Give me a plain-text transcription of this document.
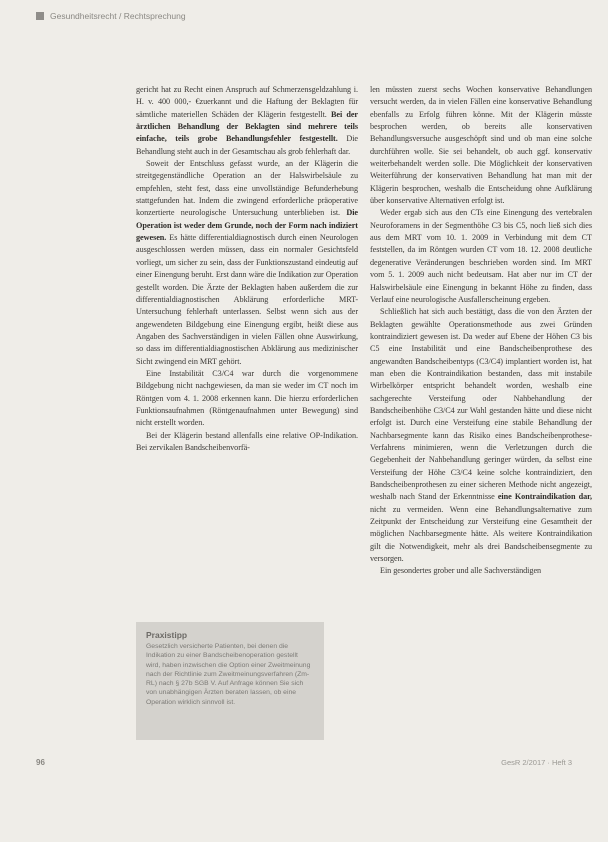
Gesundheitsrecht / Rechtsprechung

gericht hat zu Recht einen Anspruch auf Schmerzensgeldzahlung i. H. v. 400 000,- €zuerkannt und die Haftung der Beklagten für sämtliche materiellen Schäden der Klägerin festgestellt. Bei der ärztlichen Behandlung der Beklagten sind mehrere teils einfache, teils grobe Behandlungsfehler festgestellt. Die Behandlung steht auch in der Gesamtschau als grob fehlerhaft dar.

Soweit der Entschluss gefasst wurde, an der Klägerin die streitgegenständliche Operation an der Halswirbelsäule zu empfehlen, steht fest, dass eine unvollständige Befunderhebung stattgefunden hat. Indem die zwingend erforderliche präoperative konzertierte neurologische Untersuchung unterblieben ist. Die Operation ist weder dem Grunde, noch der Form nach indiziert gewesen. Es hätte differentialdiagnostisch durch einen Neurologen ausgeschlossen werden müssen, dass ein normaler Gesichtsfeld vorliegt, um sicher zu sein, dass der Funktionszustand eindeutig auf einer Einengung beruht. Erst dann wäre die Indikation zur Operation gestellt worden. Die Ärzte der Beklagten haben außerdem die zur differentialdiagnostischen Abklärung erforderliche MRT-Untersuchung fehlerhaft unterlassen. Selbst wenn sich aus der angewendeten Bildgebung eine Einengung ergibt, heißt diese aus Angaben des Sachverständigen in vielen Fällen ohne Auswirkung, so dass im differentialdiagnostischen Abklärung aus medizinischer Sicht zwingend ein MRT gehört.

Eine Instabilität C3/C4 war durch die vorgenommene Bildgebung nicht nachgewiesen, da man sie weder im CT noch im Röntgen vom 4. 1. 2008 erkennen kann. Die hierzu erforderlichen Funktionsaufnahmen (Röntgenaufnahmen unter Bewegung) sind nicht erstellt worden.

Bei der Klägerin bestand allenfalls eine relative OP-Indikation. Bei zervikalen Bandscheibenvorfä-

Praxistipp
Gesetzlich versicherte Patienten, bei denen die Indikation zu einer Bandscheibenoperation gestellt wird, haben inzwischen die Option einer Zweitmeinung nach der Richtlinie zum Zweitmeinungsverfahren (Zm-RL) nach § 27b SGB V. Auf Anfrage können Sie sich von unabhängigen Ärzten beraten lassen, ob eine Operation wirklich sinnvoll ist.

len müssten zuerst sechs Wochen konservative Behandlungen versucht werden, da in vielen Fällen eine konservative Behandlung ebenfalls zu Erfolg führen könne. Mit der Klägerin müsste besprochen werden, ob bereits alle konservativen Behandlungsversuche ausgeschöpft sind und ob man eine solche durchführen wolle. Sie sei behandelt, ob auch ggf. konservativ weiterbehandelt werden solle. Die Möglichkeit der konservativen Weiterführung der konservativen Behandlung hat man mit der Klägerin besprochen, weshalb die Entscheidung ohne Aufklärung über konservative Alternativen erfolgt ist.

Weder ergab sich aus den CTs eine Einengung des vertebralen Neuroforamens in der Segmenthöhe C3 bis C5, noch ließ sich dies aus dem MRT vom 10. 1. 2009 in Verbindung mit dem CT feststellen, da im Röntgen wurden CT vom 18. 12. 2008 deutliche degenerative Veränderungen beschrieben worden sind. Im MRT vom 5. 1. 2009 auch nicht bedeutsam. Hat aber nur im CT der Halswirbelsäule eine Einengung in bekannt Höhe zu finden, dass Verlauf eine neurologische Ausfallerscheinung ergeben.

Schließlich hat sich auch bestätigt, dass die von den Ärzten der Beklagten gewählte Operationsmethode aus zwei Gründen kontraindiziert gewesen ist. Da weder auf Ebene der Höhen C3 bis C5 eine Instabilität und eine Bandscheibenprothese des angewandten Bandscheibentyps (C3/C4) implantiert worden ist, hat man eben die Kontraindikation bestanden, dass mit instabile Wirbelkörper entspricht behandelt worden, weshalb eine sachgerechte Versteifung oder Nahbehandlung der Bandscheibenhöhe C3/C4 zur Wahl gestanden hätte und diese nicht erfolgt ist. Durch eine Versteifung eine stabile Behandlung der Nachbarsegmente kann das Risiko eines Bandscheibenprothese-Verfahrens minimieren, wenn die Verletzungen durch die Gegebenheit der Nahbehandlung geringer würden, da selbst eine Versteifung der Höhe C3/C4 keine solche kontraindiziert, den Bandscheibenprothesen zu einer sicheren Methode nicht angezeigt, weshalb nach Stand der Erkenntnisse eine Kontraindikation dar, nicht zu vermeiden. Wenn eine Behandlungsalternative zum Zeitpunkt der Entscheidung zur Versteifung eine Gesamtheit der möglichen Nachbarsegmente hätte. Als weitere Kontraindikation gilt die Notwendigkeit, mehr als drei Bandscheibensegmente zu versorgen.

Ein gesondertes grober und alle Sachverständigen

96	GesR 2/2017 · Heft 3
